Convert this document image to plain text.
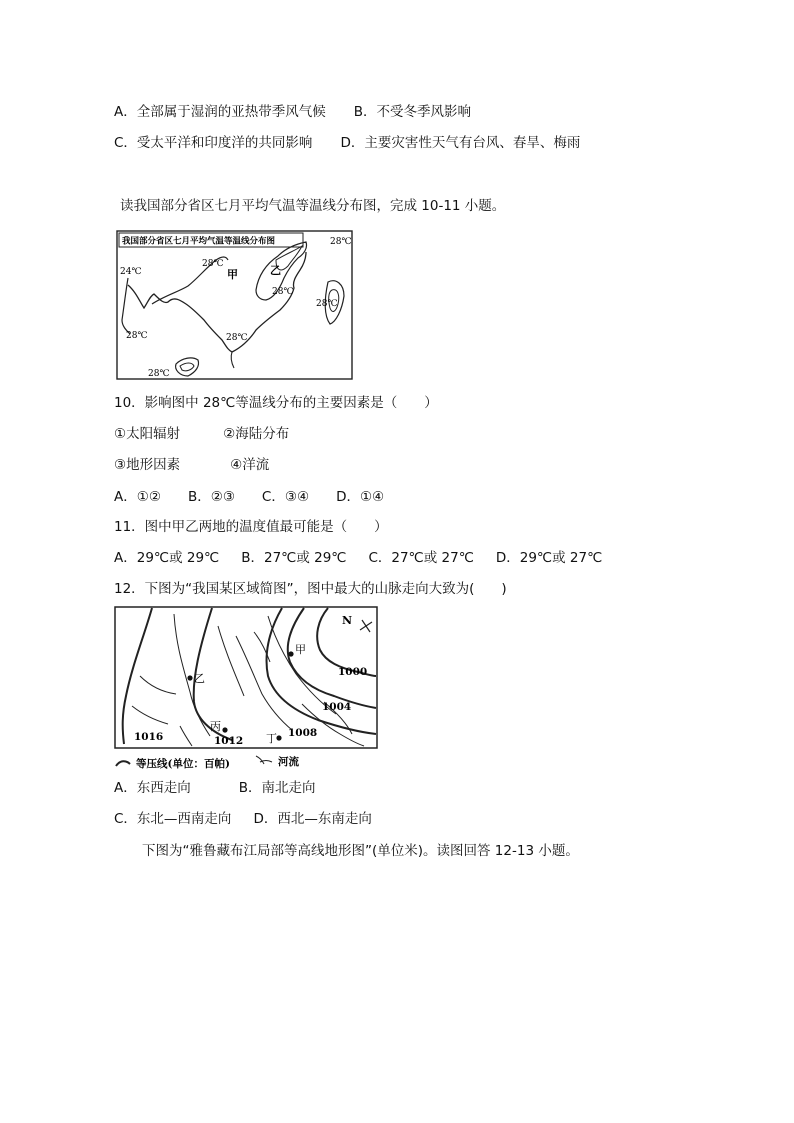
A．全部属于湿润的亚热带季风气候 B．不受冬季风影响
C．受太平洋和印度洋的共同影响 D．主要灾害性天气有台风、春旱、梅雨
读我国部分省区七月平均气温等温线分布图，完成 10-11 小题。
我国部分省区七月平均气温等温线分布图	28℃
24℃
28℃
甲	乙
28℃
28℃
28℃	28℃
28℃
10．影响图中 28℃等温线分布的主要因素是（　　）
①太阳辐射	②海陆分布
③地形因素	④洋流
A．①② B．②③ C．③④ D．①④
11．图中甲乙两地的温度值最可能是（　　）
A．29℃或 29℃ B．27℃或 29℃ C．27℃或 27℃ D．29℃或 27℃
12．下图为“我国某区域简图”，图中最大的山脉走向大致为(　　)
N
甲
乙
丙
丁
1000
1004
1008
1012
1016
等压线(单位：百帕)	河流
A．东西走向	B．南北走向
C．东北—西南走向 D．西北—东南走向
下图为“雅鲁藏布江局部等高线地形图”(单位米)。读图回答 12-13 小题。
